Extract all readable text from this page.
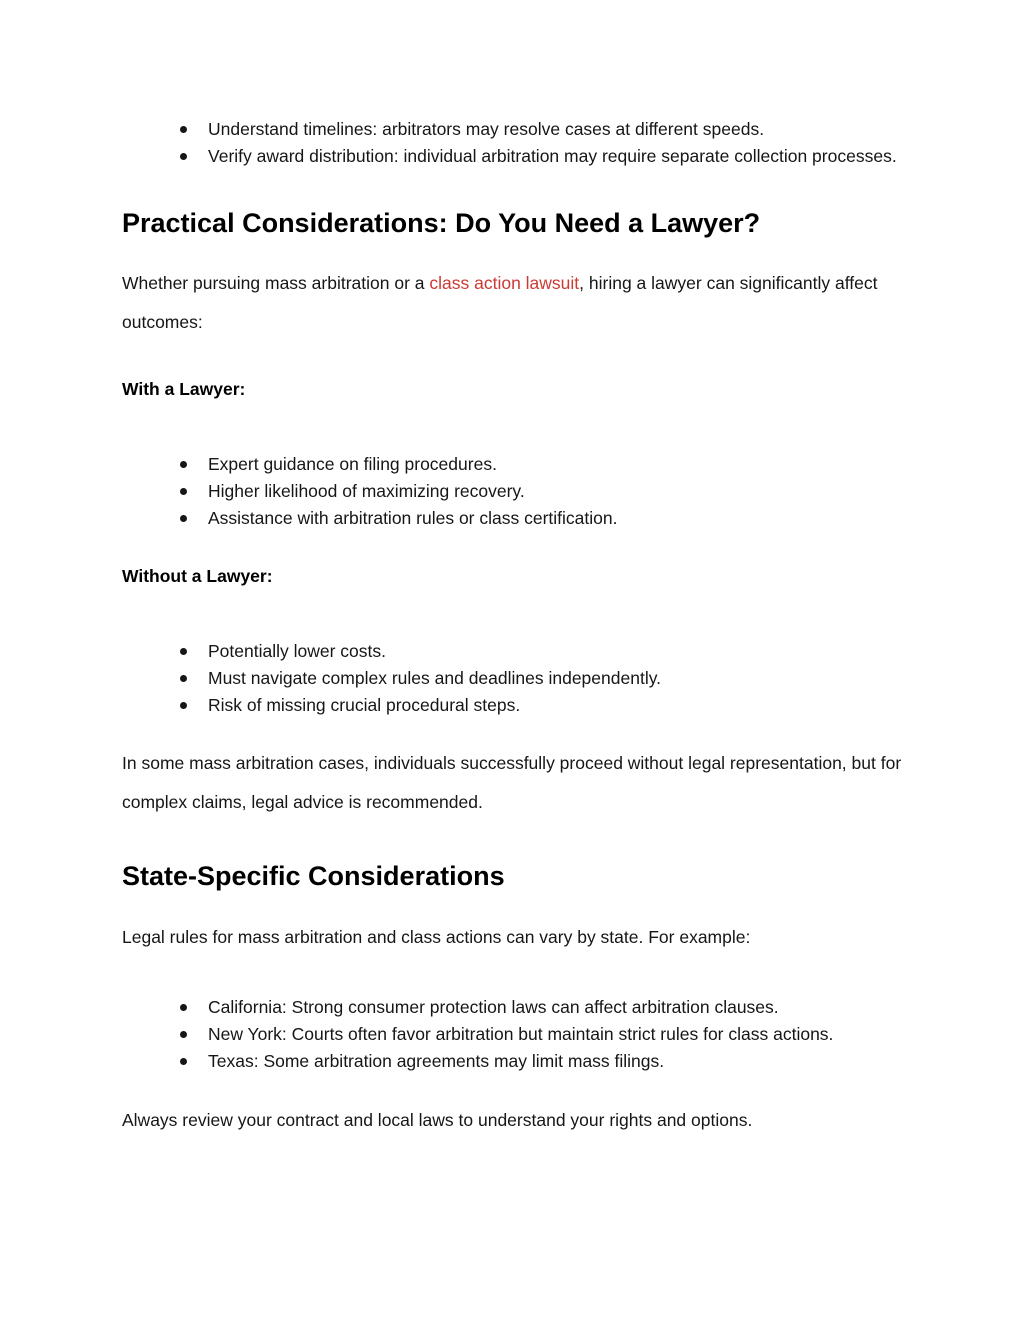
Understand timelines: arbitrators may resolve cases at different speeds.
Verify award distribution: individual arbitration may require separate collection processes.
Practical Considerations: Do You Need a Lawyer?

Whether pursuing mass arbitration or a class action lawsuit, hiring a lawyer can significantly affect outcomes:

With a Lawyer:
Expert guidance on filing procedures.
Higher likelihood of maximizing recovery.
Assistance with arbitration rules or class certification.
Without a Lawyer:
Potentially lower costs.
Must navigate complex rules and deadlines independently.
Risk of missing crucial procedural steps.

In some mass arbitration cases, individuals successfully proceed without legal representation, but for complex claims, legal advice is recommended.

State-Specific Considerations

Legal rules for mass arbitration and class actions can vary by state. For example:

California: Strong consumer protection laws can affect arbitration clauses.
New York: Courts often favor arbitration but maintain strict rules for class actions.
Texas: Some arbitration agreements may limit mass filings.

Always review your contract and local laws to understand your rights and options.
